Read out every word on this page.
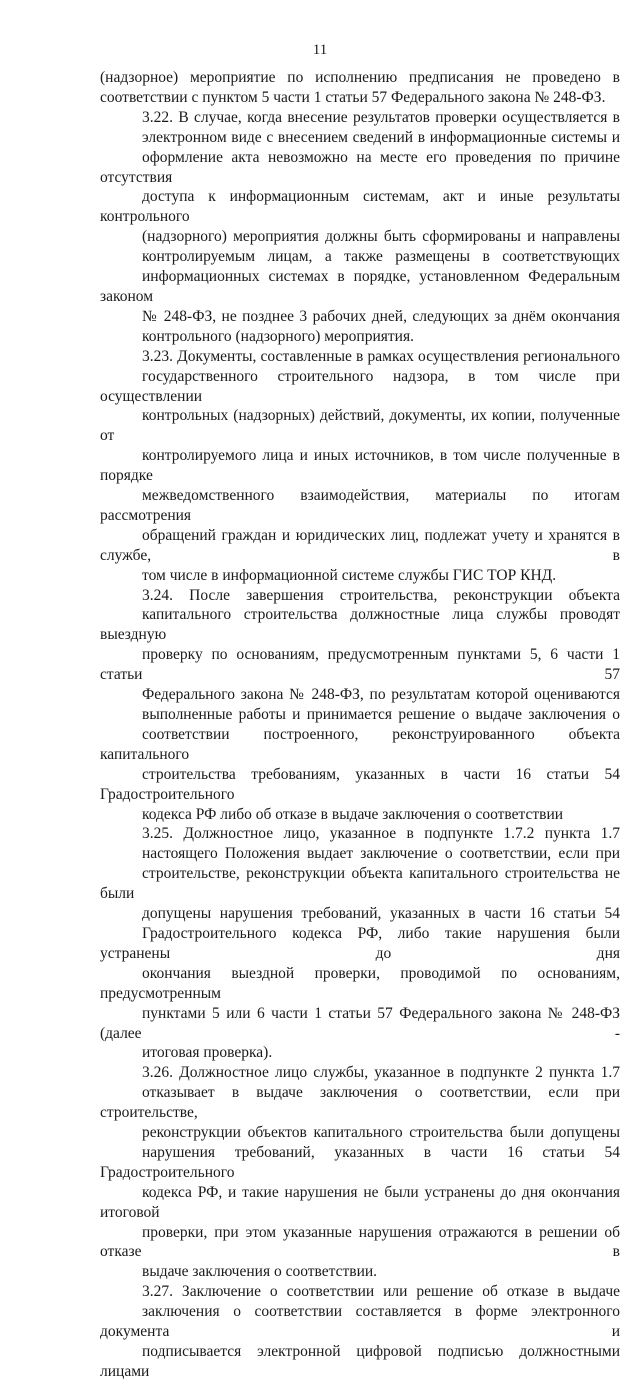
11

(надзорное) мероприятие по исполнению предписания не проведено в
соответствии с пунктом 5 части 1 статьи 57 Федерального закона № 248-ФЗ.

3.22. В случае, когда внесение результатов проверки осуществляется в
электронном виде с внесением сведений в информационные системы и
оформление акта невозможно на месте его проведения по причине отсутствия
доступа к информационным системам, акт и иные результаты контрольного
(надзорного) мероприятия должны быть сформированы и направлены
контролируемым лицам, а также размещены в соответствующих
информационных системах в порядке, установленном Федеральным законом
№ 248-ФЗ, не позднее 3 рабочих дней, следующих за днём окончания
контрольного (надзорного) мероприятия.

3.23. Документы, составленные в рамках осуществления регионального
государственного строительного надзора, в том числе при осуществлении
контрольных (надзорных) действий, документы, их копии, полученные от
контролируемого лица и иных источников, в том числе полученные в порядке
межведомственного взаимодействия, материалы по итогам рассмотрения
обращений граждан и юридических лиц, подлежат учету и хранятся в службе, в
том числе в информационной системе службы ГИС ТОР КНД.

3.24. После завершения строительства, реконструкции объекта
капитального строительства должностные лица службы проводят выездную
проверку по основаниям, предусмотренным пунктами 5, 6 части 1 статьи 57
Федерального закона № 248-ФЗ, по результатам которой оцениваются
выполненные работы и принимается решение о выдаче заключения о
соответствии построенного, реконструированного объекта капитального
строительства требованиям, указанных в части 16 статьи 54 Градостроительного
кодекса РФ либо об отказе в выдаче заключения о соответствии

3.25. Должностное лицо, указанное в подпункте 1.7.2 пункта 1.7
настоящего Положения выдает заключение о соответствии, если при
строительстве, реконструкции объекта капитального строительства не были
допущены нарушения требований, указанных в части 16 статьи 54
Градостроительного кодекса РФ, либо такие нарушения были устранены до дня
окончания выездной проверки, проводимой по основаниям, предусмотренным
пунктами 5 или 6 части 1 статьи 57 Федерального закона № 248-ФЗ (далее -
итоговая проверка).

3.26. Должностное лицо службы, указанное в подпункте 2 пункта 1.7
отказывает в выдаче заключения о соответствии, если при строительстве,
реконструкции объектов капитального строительства были допущены
нарушения требований, указанных в части 16 статьи 54 Градостроительного
кодекса РФ, и такие нарушения не были устранены до дня окончания итоговой
проверки, при этом указанные нарушения отражаются в решении об отказе в
выдаче заключения о соответствии.

3.27. Заключение о соответствии или решение об отказе в выдаче
заключения о соответствии составляется в форме электронного документа и
подписывается электронной цифровой подписью должностными лицами
